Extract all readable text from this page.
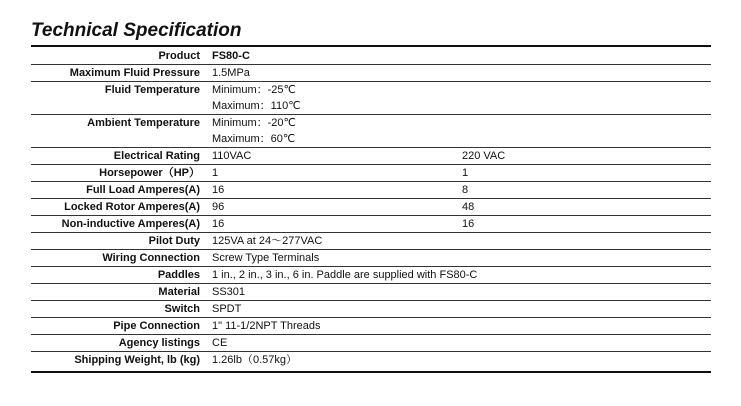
Technical Specification
Product	FS80-C	
Maximum Fluid Pressure	1.5MPa	
Fluid Temperature	Minimum：-25℃	
	Maximum：110℃	
Ambient Temperature	Minimum：-20℃	
	Maximum：60℃	
Electrical Rating	110VAC	220 VAC
Horsepower（HP）	1	1
Full Load Amperes(A)	16	8
Locked Rotor Amperes(A)	96	48
Non-inductive Amperes(A)	16	16
Pilot Duty	125VA at 24～277VAC	
Wiring Connection	Screw Type Terminals	
Paddles	1 in., 2 in., 3 in., 6 in. Paddle are supplied with FS80-C	
Material	SS301	
Switch	SPDT	
Pipe Connection	1" 11-1/2NPT Threads	
Agency listings	CE	
Shipping Weight, lb (kg)	1.26lb（0.57kg）	
